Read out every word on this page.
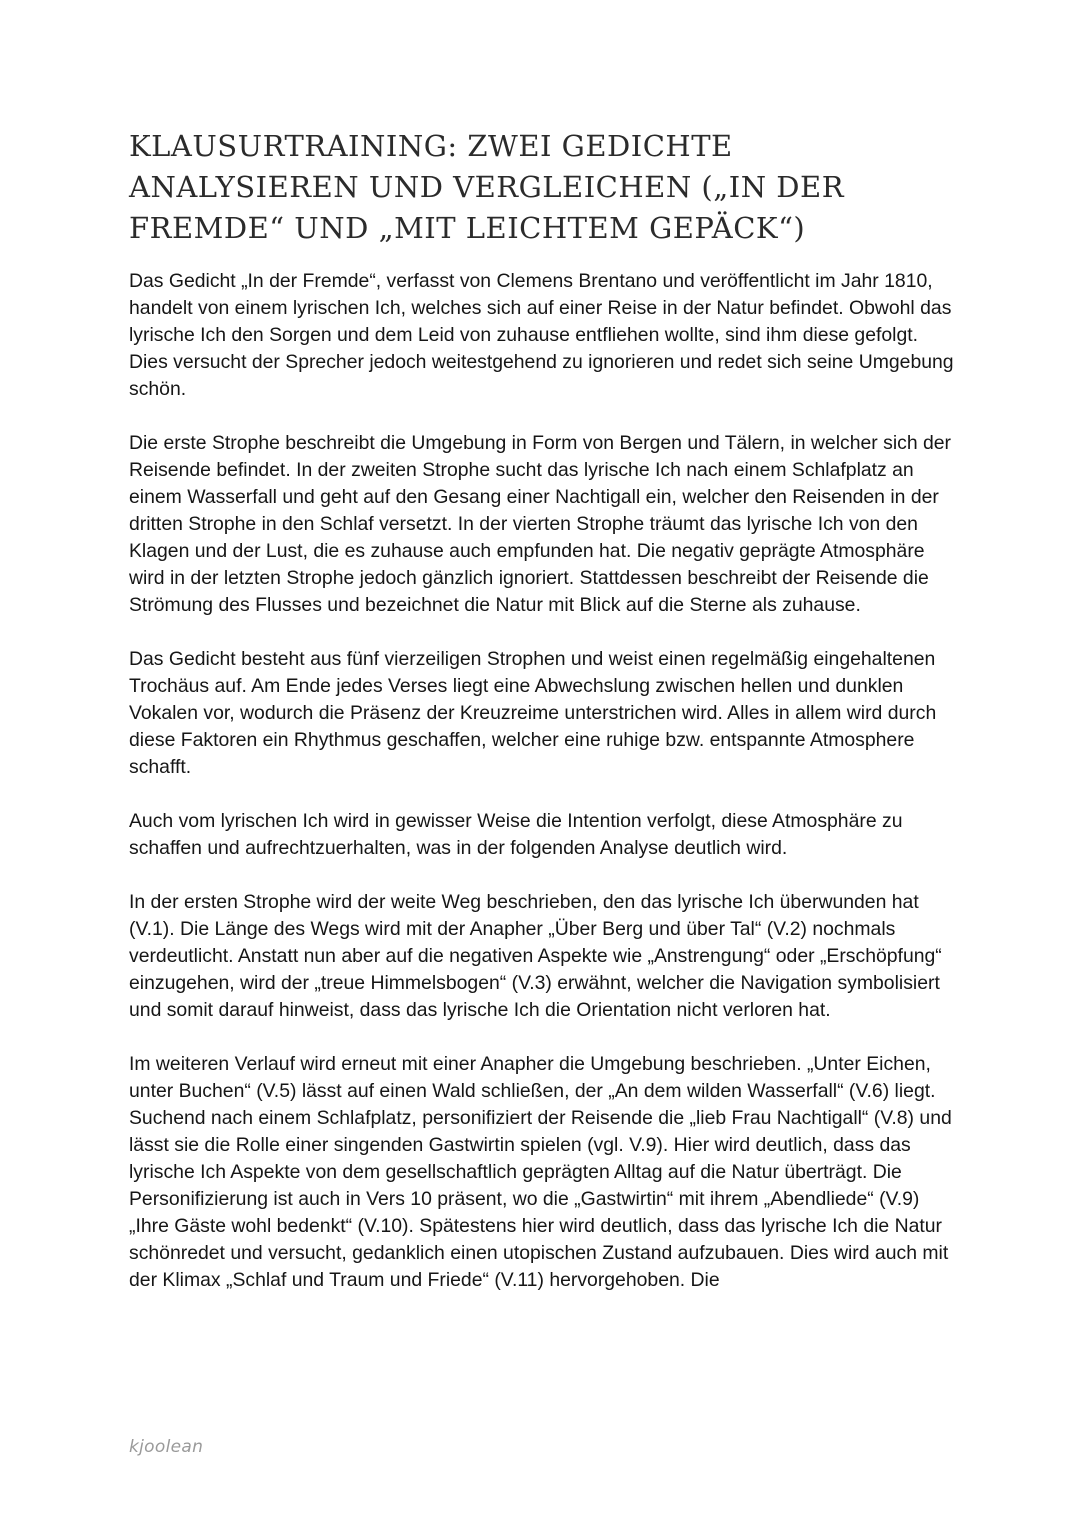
KLAUSURTRAINING: ZWEI GEDICHTE ANALYSIEREN UND VERGLEICHEN („IN DER FREMDE“ UND „MIT LEICHTEM GEPÄCK“)

Das Gedicht „In der Fremde“, verfasst von Clemens Brentano und veröffentlicht im Jahr 1810, handelt von einem lyrischen Ich, welches sich auf einer Reise in der Natur befindet. Obwohl das lyrische Ich den Sorgen und dem Leid von zuhause entfliehen wollte, sind ihm diese gefolgt. Dies versucht der Sprecher jedoch weitestgehend zu ignorieren und redet sich seine Umgebung schön.

Die erste Strophe beschreibt die Umgebung in Form von Bergen und Tälern, in welcher sich der Reisende befindet. In der zweiten Strophe sucht das lyrische Ich nach einem Schlafplatz an einem Wasserfall und geht auf den Gesang einer Nachtigall ein, welcher den Reisenden in der dritten Strophe in den Schlaf versetzt. In der vierten Strophe träumt das lyrische Ich von den Klagen und der Lust, die es zuhause auch empfunden hat. Die negativ geprägte Atmosphäre wird in der letzten Strophe jedoch gänzlich ignoriert. Stattdessen beschreibt der Reisende die Strömung des Flusses und bezeichnet die Natur mit Blick auf die Sterne als zuhause.

Das Gedicht besteht aus fünf vierzeiligen Strophen und weist einen regelmäßig eingehaltenen Trochäus auf. Am Ende jedes Verses liegt eine Abwechslung zwischen hellen und dunklen Vokalen vor, wodurch die Präsenz der Kreuzreime unterstrichen wird. Alles in allem wird durch diese Faktoren ein Rhythmus geschaffen, welcher eine ruhige bzw. entspannte Atmosphere schafft.

Auch vom lyrischen Ich wird in gewisser Weise die Intention verfolgt, diese Atmosphäre zu schaffen und aufrechtzuerhalten, was in der folgenden Analyse deutlich wird.

In der ersten Strophe wird der weite Weg beschrieben, den das lyrische Ich überwunden hat (V.1). Die Länge des Wegs wird mit der Anapher „Über Berg und über Tal“ (V.2) nochmals verdeutlicht. Anstatt nun aber auf die negativen Aspekte wie „Anstrengung“ oder „Erschöpfung“ einzugehen, wird der „treue Himmelsbogen“ (V.3) erwähnt, welcher die Navigation symbolisiert und somit darauf hinweist, dass das lyrische Ich die Orientation nicht verloren hat.

Im weiteren Verlauf wird erneut mit einer Anapher die Umgebung beschrieben. „Unter Eichen, unter Buchen“ (V.5) lässt auf einen Wald schließen, der „An dem wilden Wasserfall“ (V.6) liegt. Suchend nach einem Schlafplatz, personifiziert der Reisende die „lieb Frau Nachtigall“ (V.8) und lässt sie die Rolle einer singenden Gastwirtin spielen (vgl. V.9). Hier wird deutlich, dass das lyrische Ich Aspekte von dem gesellschaftlich geprägten Alltag auf die Natur überträgt. Die Personifizierung ist auch in Vers 10 präsent, wo die „Gastwirtin“ mit ihrem „Abendliede“ (V.9) „Ihre Gäste wohl bedenkt“ (V.10). Spätestens hier wird deutlich, dass das lyrische Ich die Natur schönredet und versucht, gedanklich einen utopischen Zustand aufzubauen. Dies wird auch mit der Klimax „Schlaf und Traum und Friede“ (V.11) hervorgehoben. Die

kjoolean
